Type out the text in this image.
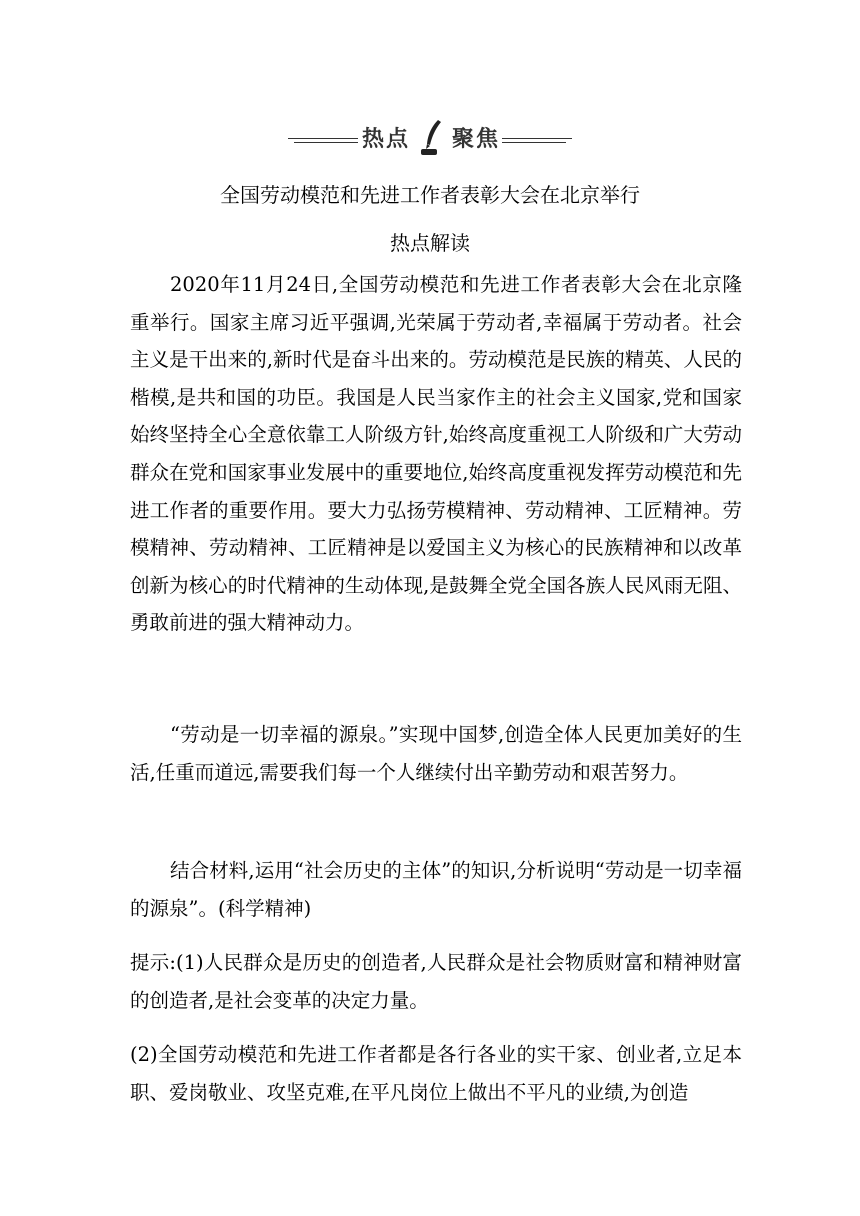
热点 聚焦
全国劳动模范和先进工作者表彰大会在北京举行
热点解读

2020年11月24日,全国劳动模范和先进工作者表彰大会在北京隆重举行。国家主席习近平强调,光荣属于劳动者,幸福属于劳动者。社会主义是干出来的,新时代是奋斗出来的。劳动模范是民族的精英、人民的楷模,是共和国的功臣。我国是人民当家作主的社会主义国家,党和国家始终坚持全心全意依靠工人阶级方针,始终高度重视工人阶级和广大劳动群众在党和国家事业发展中的重要地位,始终高度重视发挥劳动模范和先进工作者的重要作用。要大力弘扬劳模精神、劳动精神、工匠精神。劳模精神、劳动精神、工匠精神是以爱国主义为核心的民族精神和以改革创新为核心的时代精神的生动体现,是鼓舞全党全国各族人民风雨无阻、勇敢前进的强大精神动力。

“劳动是一切幸福的源泉。”实现中国梦,创造全体人民更加美好的生活,任重而道远,需要我们每一个人继续付出辛勤劳动和艰苦努力。

结合材料,运用“社会历史的主体”的知识,分析说明“劳动是一切幸福的源泉”。(科学精神)

提示:(1)人民群众是历史的创造者,人民群众是社会物质财富和精神财富的创造者,是社会变革的决定力量。

(2)全国劳动模范和先进工作者都是各行各业的实干家、创业者,立足本职、爱岗敬业、攻坚克难,在平凡岗位上做出不平凡的业绩,为创造
